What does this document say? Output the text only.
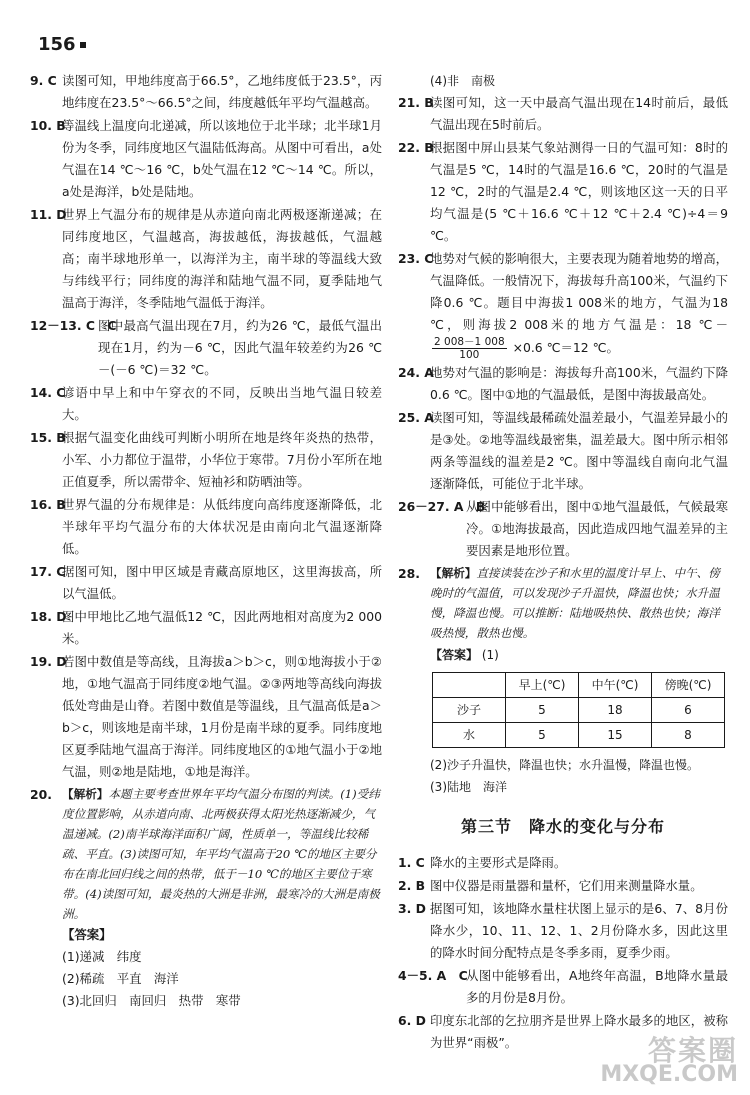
156
9. C 读图可知，甲地纬度高于66.5°，乙地纬度低于23.5°，丙地纬度在23.5°～66.5°之间，纬度越低年平均气温越高。
10. B
等温线上温度向北递减，所以该地位于北半球；北半球1月份为冬季，同纬度地区气温陆低海高。从图中可看出，a处气温在14 ℃～16 ℃，b处气温在12 ℃～14 ℃。所以，a处是海洋，b处是陆地。
11. D
世界上气温分布的规律是从赤道向南北两极逐渐递减；在同纬度地区，气温越高，海拔越低，海拔越低，气温越高；南半球地形单一，以海洋为主，南半球的等温线大致与纬线平行；同纬度的海洋和陆地气温不同，夏季陆地气温高于海洋，冬季陆地气温低于海洋。
12－13. C　C
图中最高气温出现在7月，约为26 ℃，最低气温出现在1月，约为－6 ℃，因此气温年较差约为26 ℃－(－6 ℃)＝32 ℃。
14. C
谚语中早上和中午穿衣的不同，反映出当地气温日较差大。
15. B
根据气温变化曲线可判断小明所在地是终年炎热的热带，小军、小力都位于温带，小华位于寒带。7月份小军所在地正值夏季，所以需带伞、短袖衫和防晒油等。
16. B
世界气温的分布规律是：从低纬度向高纬度逐渐降低，北半球年平均气温分布的大体状况是由南向北气温逐渐降低。
17. C
据图可知，图中甲区域是青藏高原地区，这里海拔高，所以气温低。
18. D
图中甲地比乙地气温低12 ℃，因此两地相对高度为2 000 米。
19. D
若图中数值是等高线，且海拔a＞b＞c，则①地海拔小于②地，①地气温高于同纬度②地气温。②③两地等高线向海拔低处弯曲是山脊。若图中数值是等温线，且气温高低是a＞b＞c，则该地是南半球，1月份是南半球的夏季。同纬度地区夏季陆地气温高于海洋。同纬度地区的①地气温小于②地气温，则②地是陆地，①地是海洋。
20. 【解析】本题主要考查世界年平均气温分布图的判读。(1)受纬度位置影响，从赤道向南、北两极获得太阳光热逐渐减少，气温递减。(2)南半球海洋面积广阔，性质单一，等温线比较稀疏、平直。(3)读图可知，年平均气温高于20 ℃的地区主要分布在南北回归线之间的热带，低于－10 ℃的地区主要位于寒带。(4)读图可知，最炎热的大洲是非洲，最寒冷的大洲是南极洲。
【答案】
(1)递减　纬度
(2)稀疏　平直　海洋
(3)北回归　南回归　热带　寒带
(4)非　南极
21. B
读图可知，这一天中最高气温出现在14时前后，最低气温出现在5时前后。
22. B
根据图中屏山县某气象站测得一日的气温可知：8时的气温是5 ℃，14时的气温是16.6 ℃，20时的气温是12 ℃，2时的气温是2.4 ℃，则该地区这一天的日平均气温是(5 ℃＋16.6 ℃＋12 ℃＋2.4 ℃)÷4＝9 ℃。
23. C
地势对气候的影响很大，主要表现为随着地势的增高，气温降低。一般情况下，海拔每升高100米，气温约下降0.6 ℃。题目中海拔1 008米的地方，气温为18 ℃，则海拔2 008米的地方气温是：18 ℃－
$\frac{2 008-1 008}{100} \times 0.6$ ℃＝12 ℃。
24. A
地势对气温的影响是：海拔每升高100米，气温约下降0.6 ℃。图中①地的气温最低，是图中海拔最高处。
25. A
读图可知，等温线最稀疏处温差最小，气温差异最小的是③处。②地等温线最密集，温差最大。图中所示相邻两条等温线的温差是2 ℃。图中等温线自南向北气温逐渐降低，可能位于北半球。
26－27. A　B
从图中能够看出，图中①地气温最低，气候最寒冷。①地海拔最高，因此造成四地气温差异的主要因素是地形位置。
28. 【解析】直接读装在沙子和水里的温度计早上、中午、傍晚时的气温值，可以发现沙子升温快，降温也快；水升温慢，降温也慢。可以推断：陆地吸热快、散热也快；海洋吸热慢，散热也慢。
【答案】 (1)
	早上(℃)	中午(℃)	傍晚(℃)
沙子	5	18	6
水	5	15	8
(2)沙子升温快，降温也快；水升温慢，降温也慢。
(3)陆地　海洋
第三节　降水的变化与分布
1. C 降水的主要形式是降雨。
2. B 图中仪器是雨量器和量杯，它们用来测量降水量。
3. D 据图可知，该地降水量柱状图上显示的是6、7、8月份降水少，10、11、12、1、2月份降水多，因此这里的降水时间分配特点是冬季多雨，夏季少雨。
4－5. A　C
从图中能够看出，A地终年高温，B地降水量最多的月份是8月份。
6. D 印度东北部的乞拉朋齐是世界上降水最多的地区，被称为世界“雨极”。	答案圈
MXQE.COM
